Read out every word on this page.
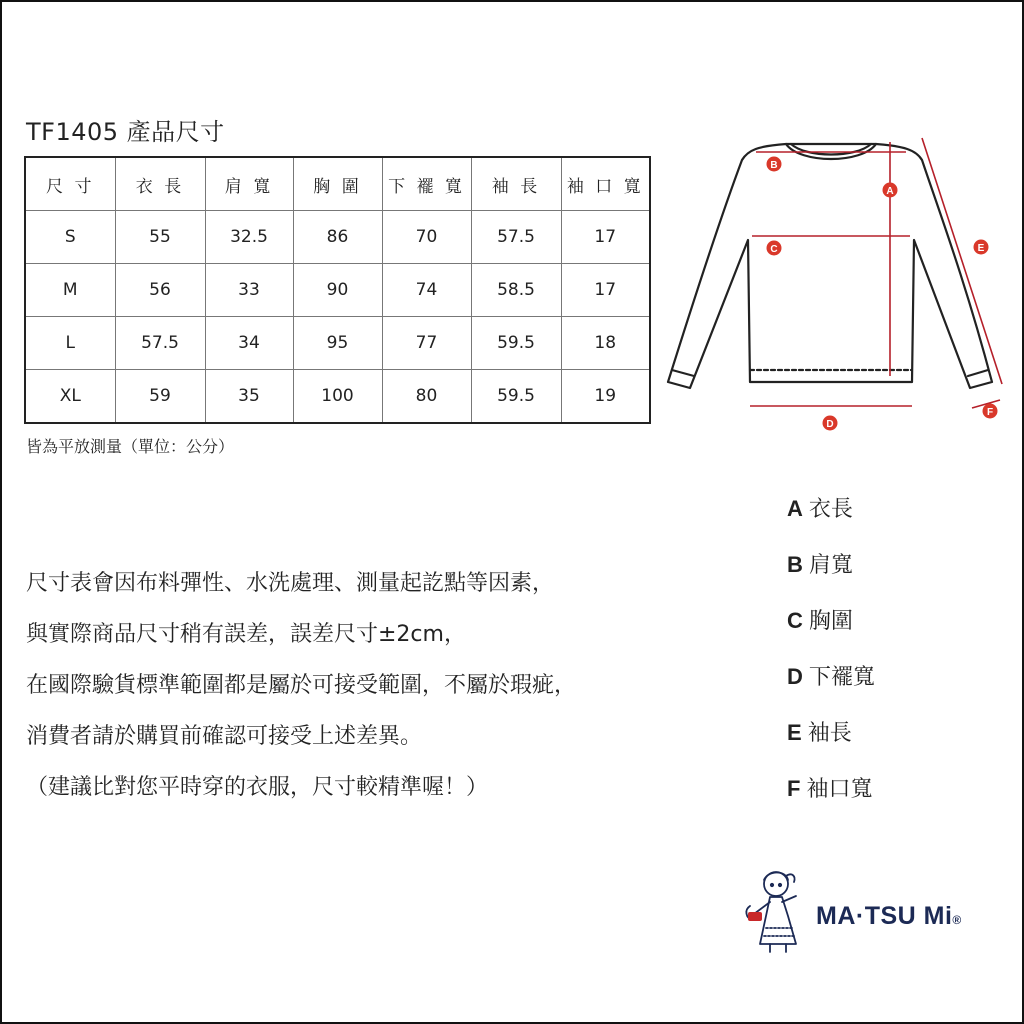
TF1405 產品尺寸
尺 寸	衣 長	肩 寬	胸 圍	下 襬 寬	袖 長	袖 口 寬
S	55	32.5	86	70	57.5	17
M	56	33	90	74	58.5	17
L	57.5	34	95	77	59.5	18
XL	59	35	100	80	59.5	19
皆為平放測量（單位：公分）
B
A
C	E
D
F

尺寸表會因布料彈性、水洗處理、測量起訖點等因素，

與實際商品尺寸稍有誤差，誤差尺寸±2cm，

在國際驗貨標準範圍都是屬於可接受範圍，不屬於瑕疵，

消費者請於購買前確認可接受上述差異。

（建議比對您平時穿的衣服，尺寸較精準喔！）

A 衣長
B 肩寬
C 胸圍
D 下襬寬
E 袖長
F 袖口寬
MA·TSU Mi®
